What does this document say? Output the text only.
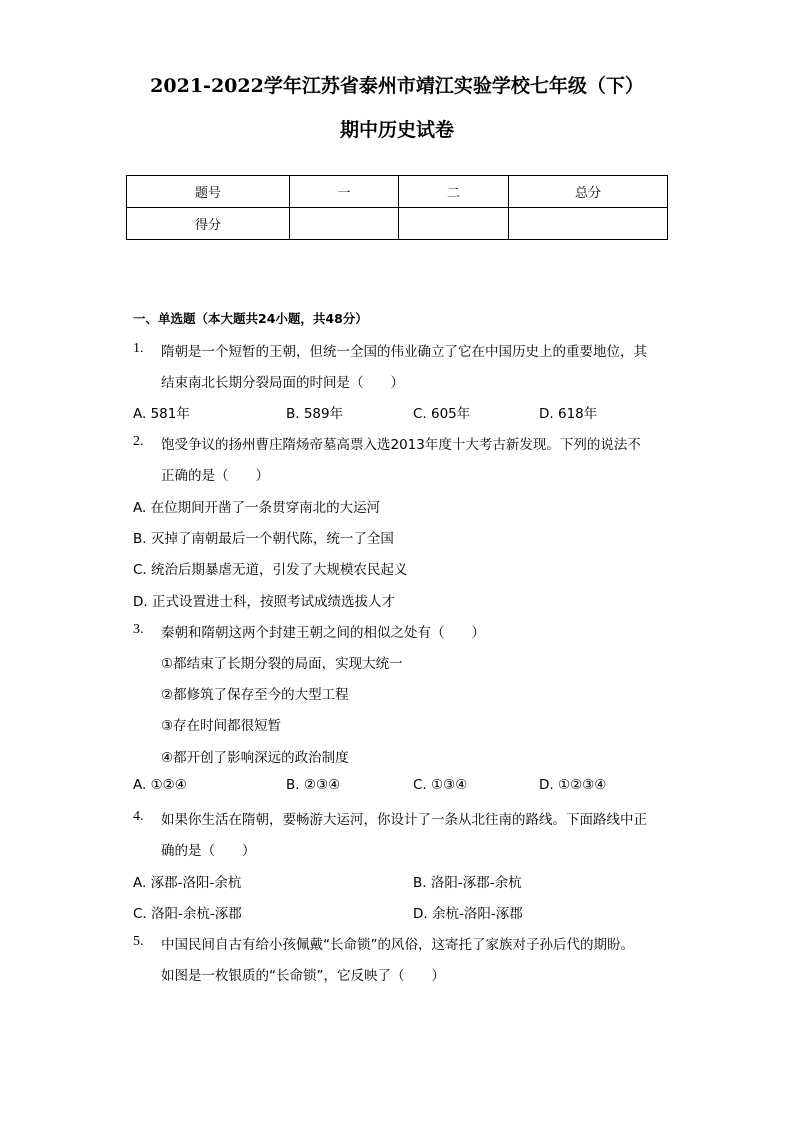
2021-2022学年江苏省泰州市靖江实验学校七年级（下）
期中历史试卷
题号	一	二	总分
得分			
一、单选题（本大题共24小题，共48分）
1. 隋朝是一个短暂的王朝，但统一全国的伟业确立了它在中国历史上的重要地位，其
结束南北长期分裂局面的时间是（　　）
A. 581年	B. 589年	C. 605年	D. 618年
2. 饱受争议的扬州曹庄隋炀帝墓高票入选2013年度十大考古新发现。下列的说法不
正确的是（　　）
A. 在位期间开凿了一条贯穿南北的大运河
B. 灭掉了南朝最后一个朝代陈，统一了全国
C. 统治后期暴虐无道，引发了大规模农民起义
D. 正式设置进士科，按照考试成绩选拔人才
3. 秦朝和隋朝这两个封建王朝之间的相似之处有（　　）
①都结束了长期分裂的局面，实现大统一
②都修筑了保存至今的大型工程
③存在时间都很短暂
④都开创了影响深远的政治制度
A. ①②④	B. ②③④	C. ①③④	D. ①②③④
4. 如果你生活在隋朝，要畅游大运河，你设计了一条从北往南的路线。下面路线中正
确的是（　　）
A. 涿郡-洛阳-余杭	B. 洛阳-涿郡-余杭
C. 洛阳-余杭-涿郡	D. 余杭-洛阳-涿郡
5. 中国民间自古有给小孩佩戴“长命锁”的风俗，这寄托了家族对子孙后代的期盼。
如图是一枚银质的“长命锁”，它反映了（　　）
